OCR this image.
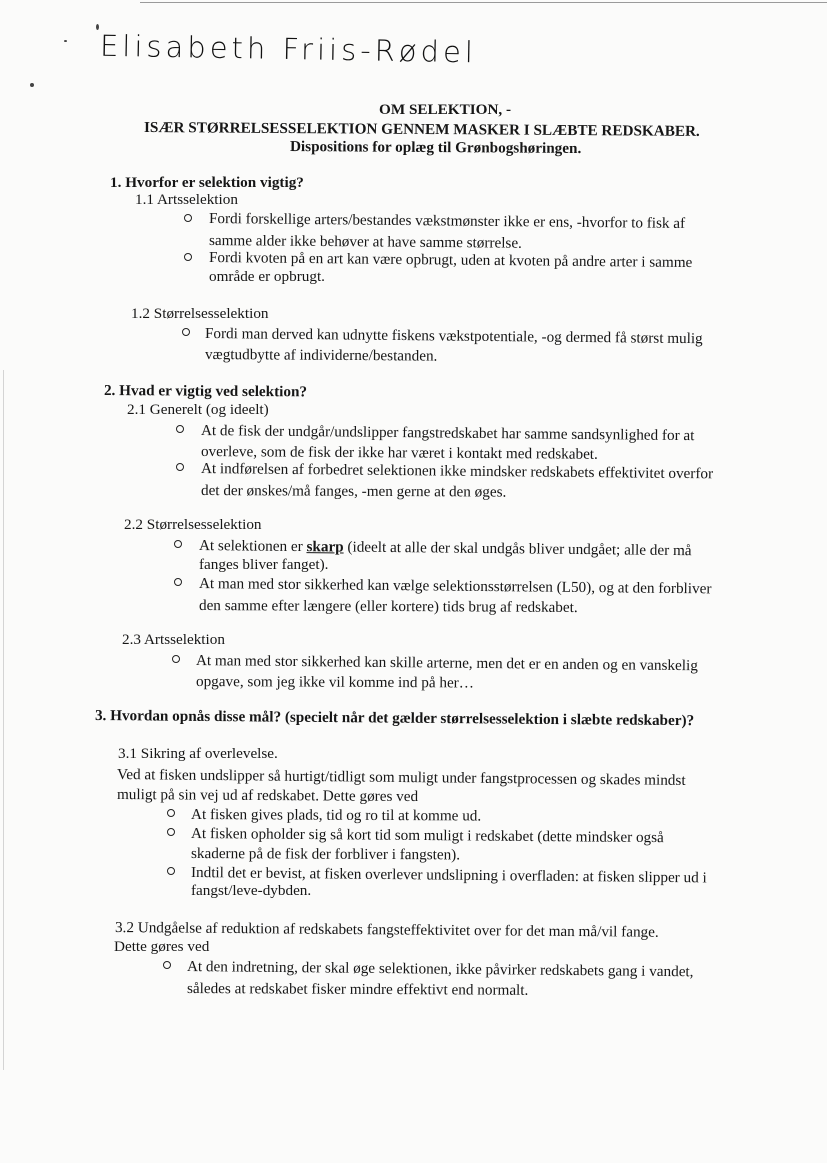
Elisabeth Friis-Rødel
OM SELEKTION, -
ISÆR STØRRELSESSELEKTION GENNEM MASKER I SLÆBTE REDSKABER.
Dispositions for oplæg til Grønbogshøringen.
1. Hvorfor er selektion vigtig?
1.1 Artsselektion
Fordi forskellige arters/bestandes vækstmønster ikke er ens, -hvorfor to fisk af
samme alder ikke behøver at have samme størrelse.
Fordi kvoten på en art kan være opbrugt, uden at kvoten på andre arter i samme
område er opbrugt.
1.2 Størrelsesselektion
Fordi man derved kan udnytte fiskens vækstpotentiale, -og dermed få størst mulig
vægtudbytte af individerne/bestanden.
2. Hvad er vigtig ved selektion?
2.1 Generelt (og ideelt)
At de fisk der undgår/undslipper fangstredskabet har samme sandsynlighed for at
overleve, som de fisk der ikke har været i kontakt med redskabet.
At indførelsen af forbedret selektionen ikke mindsker redskabets effektivitet overfor
det der ønskes/må fanges, -men gerne at den øges.
2.2 Størrelsesselektion
At selektionen er skarp (ideelt at alle der skal undgås bliver undgået; alle der må
fanges bliver fanget).
At man med stor sikkerhed kan vælge selektionsstørrelsen (L50), og at den forbliver
den samme efter længere (eller kortere) tids brug af redskabet.
2.3 Artsselektion
At man med stor sikkerhed kan skille arterne, men det er en anden og en vanskelig
opgave, som jeg ikke vil komme ind på her…
3. Hvordan opnås disse mål? (specielt når det gælder størrelsesselektion i slæbte redskaber)?
3.1 Sikring af overlevelse.
Ved at fisken undslipper så hurtigt/tidligt som muligt under fangstprocessen og skades mindst
muligt på sin vej ud af redskabet. Dette gøres ved
At fisken gives plads, tid og ro til at komme ud.
At fisken opholder sig så kort tid som muligt i redskabet (dette mindsker også
skaderne på de fisk der forbliver i fangsten).
Indtil det er bevist, at fisken overlever undslipning i overfladen: at fisken slipper ud i
fangst/leve-dybden.
3.2 Undgåelse af reduktion af redskabets fangsteffektivitet over for det man må/vil fange.
Dette gøres ved
At den indretning, der skal øge selektionen, ikke påvirker redskabets gang i vandet,
således at redskabet fisker mindre effektivt end normalt.
